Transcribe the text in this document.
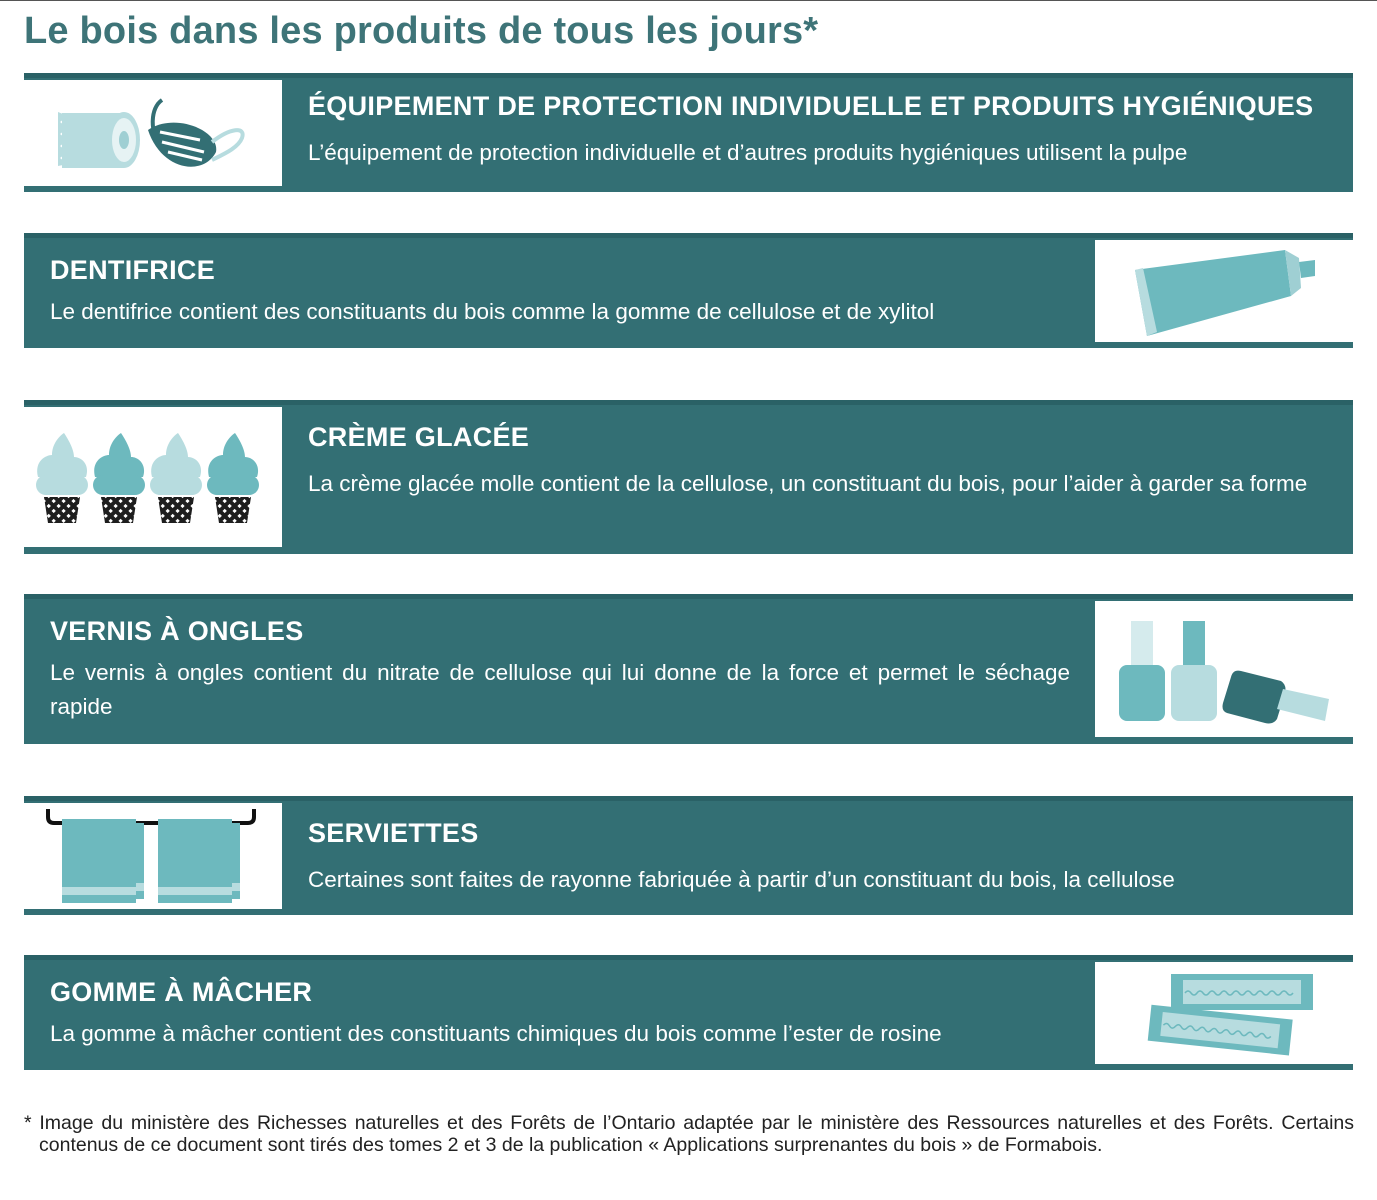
Le bois dans les produits de tous les jours*
ÉQUIPEMENT DE PROTECTION INDIVIDUELLE ET PRODUITS HYGIÉNIQUES
L’équipement de protection individuelle et d’autres produits hygiéniques utilisent la pulpe
DENTIFRICE
Le dentifrice contient des constituants du bois comme la gomme de cellulose et de xylitol
CRÈME GLACÉE
La crème glacée molle contient de la cellulose, un constituant du bois, pour l’aider à garder sa forme
VERNIS À ONGLES
Le vernis à ongles contient du nitrate de cellulose qui lui donne de la force et permet le séchage rapide
SERVIETTES
Certaines sont faites de rayonne fabriquée à partir d’un constituant du bois, la cellulose
GOMME À MÂCHER
La gomme à mâcher contient des constituants chimiques du bois comme l’ester de rosine
* Image du ministère des Richesses naturelles et des Forêts de l’Ontario adaptée par le ministère des Ressources naturelles et des Forêts. Certains contenus de ce document sont tirés des tomes 2 et 3 de la publication « Applications surprenantes du bois » de Formabois.
